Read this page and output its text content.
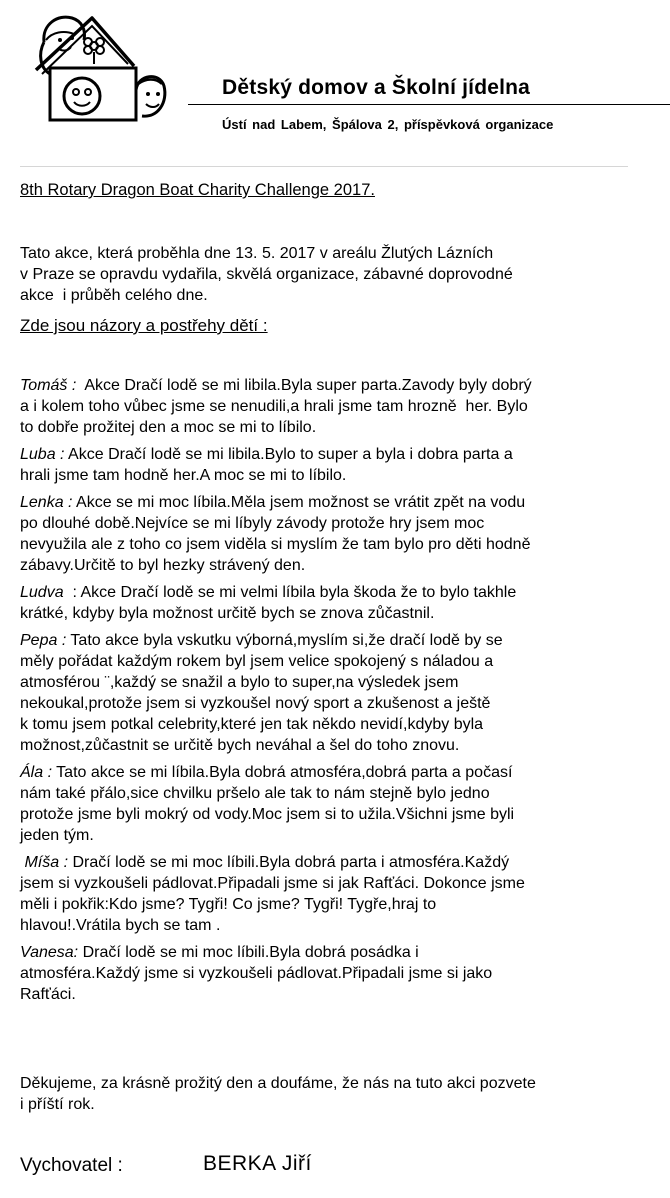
Dětský domov a Školní jídelna
Ústí nad Labem, Špálova 2, příspěvková organizace
8th Rotary Dragon Boat Charity Challenge 2017.
Tato akce, která proběhla dne 13. 5. 2017 v areálu Žlutých Lázních
v Praze se opravdu vydařila, skvělá organizace, zábavné doprovodné
akce  i průběh celého dne.
Zde jsou názory a postřehy dětí :
Tomáš :  Akce Dračí lodě se mi libila.Byla super parta.Zavody byly dobrý
a i kolem toho vůbec jsme se nenudili,a hrali jsme tam hrozně  her. Bylo
to dobře prožitej den a moc se mi to líbilo.
Luba : Akce Dračí lodě se mi libila.Bylo to super a byla i dobra parta a
hrali jsme tam hodně her.A moc se mi to líbilo.
Lenka : Akce se mi moc líbila.Měla jsem možnost se vrátit zpět na vodu
po dlouhé době.Nejvíce se mi líbyly závody protože hry jsem moc
nevyužila ale z toho co jsem viděla si myslím že tam bylo pro děti hodně
zábavy.Určitě to byl hezky strávený den.
Ludva  : Akce Dračí lodě se mi velmi líbila byla škoda že to bylo takhle
krátké, kdyby byla možnost určitě bych se znova zůčastnil.
Pepa : Tato akce byla vskutku výborná,myslím si,že dračí lodě by se
měly pořádat každým rokem byl jsem velice spokojený s náladou a
atmosférou ¨,každý se snažil a bylo to super,na výsledek jsem
nekoukal,protože jsem si vyzkoušel nový sport a zkušenost a ještě
k tomu jsem potkal celebrity,které jen tak někdo nevidí,kdyby byla
možnost,zůčastnit se určitě bych neváhal a šel do toho znovu.
Ála : Tato akce se mi líbila.Byla dobrá atmosféra,dobrá parta a počasí
nám také přálo,sice chvilku pršelo ale tak to nám stejně bylo jedno
protože jsme byli mokrý od vody.Moc jsem si to užila.Všichni jsme byli
jeden tým.
Míša : Dračí lodě se mi moc líbili.Byla dobrá parta i atmosféra.Každý
jsem si vyzkoušeli pádlovat.Připadali jsme si jak Rafťáci. Dokonce jsme
měli i pokřik:Kdo jsme? Tygři! Co jsme? Tygři! Tygře,hraj to
hlavou!.Vrátila bych se tam .
Vanesa: Dračí lodě se mi moc líbili.Byla dobrá posádka i
atmosféra.Každý jsme si vyzkoušeli pádlovat.Připadali jsme si jako
Rafťáci.
Děkujeme, za krásně prožitý den a doufáme, že nás na tuto akci pozvete
i příští rok.
Vychovatel :	BERKA Jiří
